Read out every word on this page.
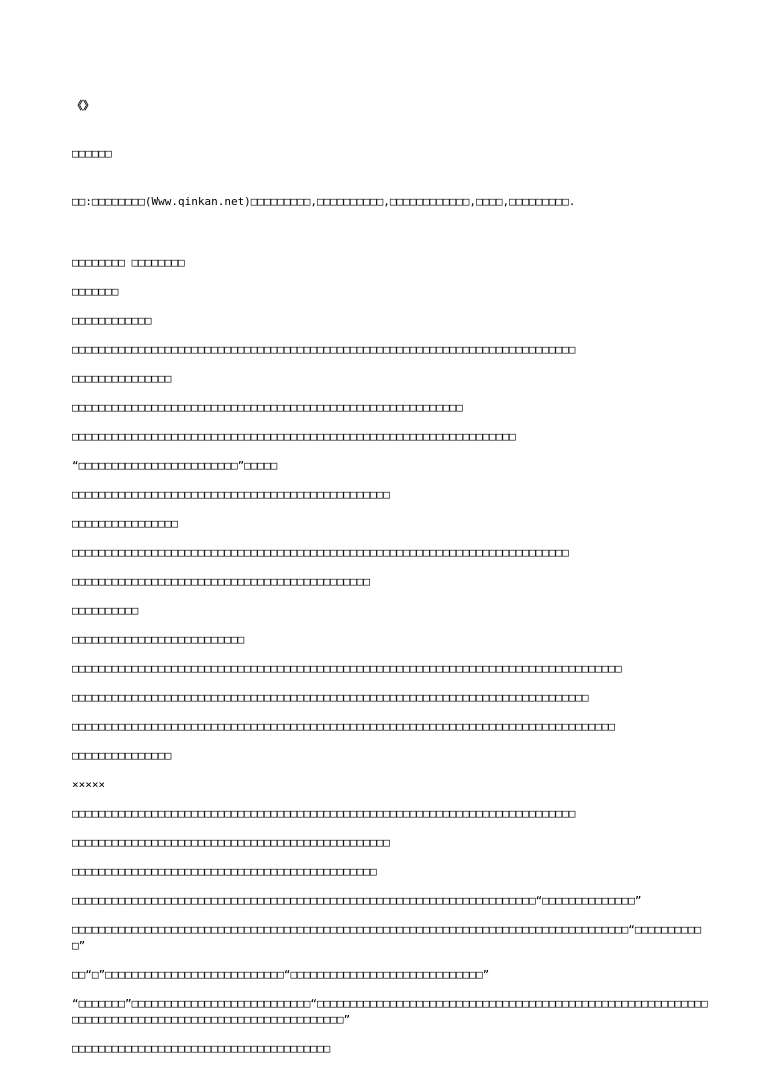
《》

□□□□□□

□□:□□□□□□□□(Www.qinkan.net)□□□□□□□□□,□□□□□□□□□□,□□□□□□□□□□□□,□□□□,□□□□□□□□□.

□□□□□□□□ □□□□□□□□
□□□□□□□
□□□□□□□□□□□□
□□□□□□□□□□□□□□□□□□□□□□□□□□□□□□□□□□□□□□□□□□□□□□□□□□□□□□□□□□□□□□□□□□□□□□□□□□□□
□□□□□□□□□□□□□□□
□□□□□□□□□□□□□□□□□□□□□□□□□□□□□□□□□□□□□□□□□□□□□□□□□□□□□□□□□□□
□□□□□□□□□□□□□□□□□□□□□□□□□□□□□□□□□□□□□□□□□□□□□□□□□□□□□□□□□□□□□□□□□□□
“□□□□□□□□□□□□□□□□□□□□□□□□”□□□□□
□□□□□□□□□□□□□□□□□□□□□□□□□□□□□□□□□□□□□□□□□□□□□□□□
□□□□□□□□□□□□□□□□
□□□□□□□□□□□□□□□□□□□□□□□□□□□□□□□□□□□□□□□□□□□□□□□□□□□□□□□□□□□□□□□□□□□□□□□□□□□
□□□□□□□□□□□□□□□□□□□□□□□□□□□□□□□□□□□□□□□□□□□□□
□□□□□□□□□□
□□□□□□□□□□□□□□□□□□□□□□□□□□
□□□□□□□□□□□□□□□□□□□□□□□□□□□□□□□□□□□□□□□□□□□□□□□□□□□□□□□□□□□□□□□□□□□□□□□□□□□□□□□□□□□
□□□□□□□□□□□□□□□□□□□□□□□□□□□□□□□□□□□□□□□□□□□□□□□□□□□□□□□□□□□□□□□□□□□□□□□□□□□□□□
□□□□□□□□□□□□□□□□□□□□□□□□□□□□□□□□□□□□□□□□□□□□□□□□□□□□□□□□□□□□□□□□□□□□□□□□□□□□□□□□□□
□□□□□□□□□□□□□□□
×××××
□□□□□□□□□□□□□□□□□□□□□□□□□□□□□□□□□□□□□□□□□□□□□□□□□□□□□□□□□□□□□□□□□□□□□□□□□□□□
□□□□□□□□□□□□□□□□□□□□□□□□□□□□□□□□□□□□□□□□□□□□□□□□
□□□□□□□□□□□□□□□□□□□□□□□□□□□□□□□□□□□□□□□□□□□□□□
□□□□□□□□□□□□□□□□□□□□□□□□□□□□□□□□□□□□□□□□□□□□□□□□□□□□□□□□□□□□□□□□□□□□□□“□□□□□□□□□□□□□□”
□□□□□□□□□□□□□□□□□□□□□□□□□□□□□□□□□□□□□□□□□□□□□□□□□□□□□□□□□□□□□□□□□□□□□□□□□□□□□□□□□□□□“□□□□□□□□□□□”
□□“□”□□□□□□□□□□□□□□□□□□□□□□□□□□□“□□□□□□□□□□□□□□□□□□□□□□□□□□□□□”
“□□□□□□□”□□□□□□□□□□□□□□□□□□□□□□□□□□□“□□□□□□□□□□□□□□□□□□□□□□□□□□□□□□□□□□□□□□□□□□□□□□□□□□□□□□□□□□□□□□□□□□□□□□□□□□□□□□□□□□□□□□□□□□□□□□□□□□□□”
□□□□□□□□□□□□□□□□□□□□□□□□□□□□□□□□□□□□□□□
